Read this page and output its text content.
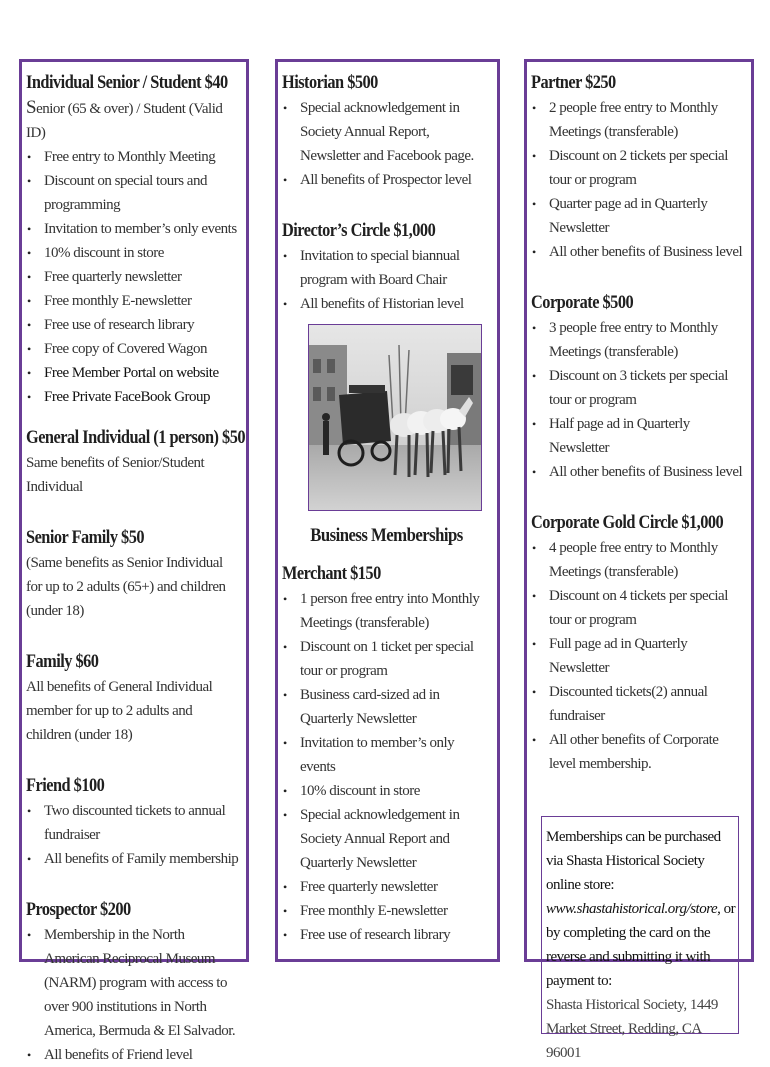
Individual Senior / Student $40
Senior (65 & over) / Student (Valid ID)
• Free entry to Monthly Meeting
• Discount on special tours and programming
• Invitation to member’s only events
• 10% discount in store
• Free quarterly newsletter
• Free monthly E-newsletter
• Free use of research library
• Free copy of Covered Wagon
• Free Member Portal on website
• Free Private FaceBook Group
General Individual (1 person) $50
Same benefits of Senior/Student Individual
Senior Family $50
(Same benefits as Senior Individual for up to 2 adults (65+) and children (under 18)
Family $60
All benefits of General Individual member for up to 2 adults and children (under 18)
Friend $100
• Two discounted tickets to annual fundraiser
• All benefits of Family membership
Prospector $200
• Membership in the North American Reciprocal Museum (NARM) program with access to over 900 institutions in North America, Bermuda & El Salvador.
• All benefits of Friend level
Historian $500
• Special acknowledgement in Society Annual Report, Newsletter and Facebook page.
• All benefits of Prospector level
Director’s Circle $1,000
• Invitation to special biannual program with Board Chair
• All benefits of Historian level
Business Memberships
Merchant $150
• 1 person free entry into Monthly Meetings (transferable)
• Discount on 1 ticket per special tour or program
• Business card-sized ad in Quarterly Newsletter
• Invitation to member’s only events
• 10% discount in store
• Special acknowledgement in Society Annual Report and Quarterly Newsletter
• Free quarterly newsletter
• Free monthly E-newsletter
• Free use of research library
Partner $250
• 2 people free entry to Monthly Meetings (transferable)
• Discount on 2 tickets per special tour or program
• Quarter page ad in Quarterly Newsletter
• All other benefits of Business level
Corporate $500
• 3 people free entry to Monthly Meetings (transferable)
• Discount on 3 tickets per special tour or program
• Half page ad in Quarterly Newsletter
• All other benefits of Business level
Corporate Gold Circle $1,000
• 4 people free entry to Monthly Meetings (transferable)
• Discount on 4 tickets per special tour or program
• Full page ad in Quarterly Newsletter
• Discounted tickets(2) annual fundraiser
• All other benefits of Corporate level membership.

Memberships can be purchased via Shasta Historical Society online store: www.shastahistorical.org/store, or by completing the card on the reverse and submitting it with payment to:

Shasta Historical Society, 1449 Market Street, Redding, CA 96001
